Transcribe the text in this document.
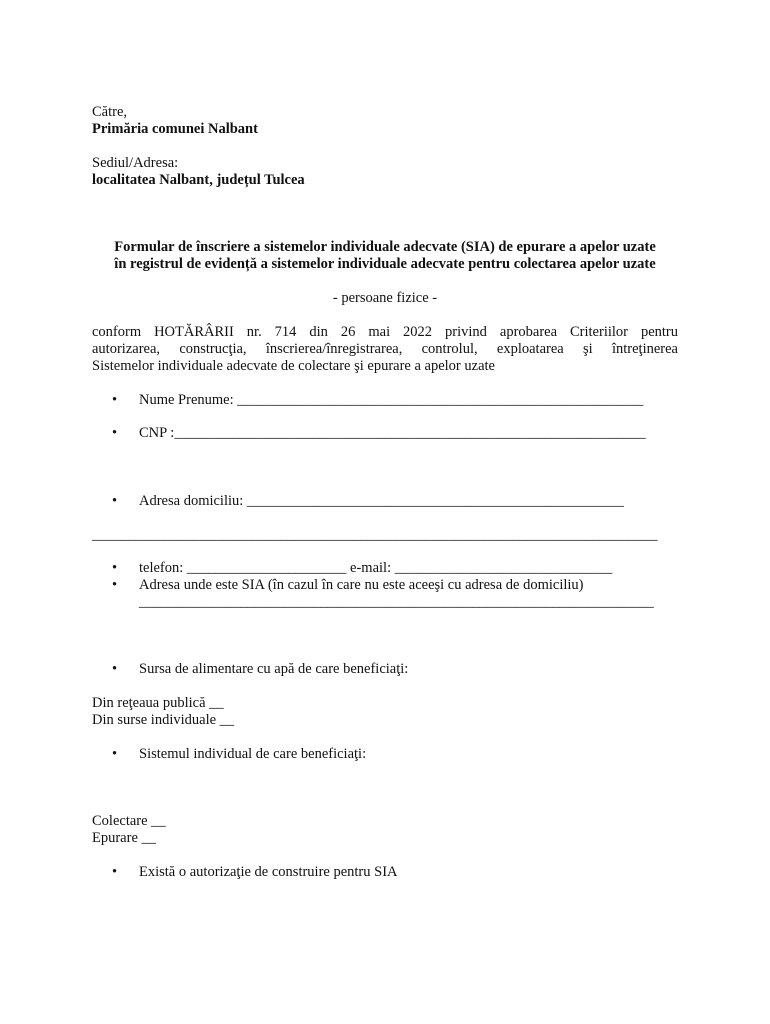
Către,
Primăria comunei Nalbant
Sediul/Adresa:
localitatea Nalbant, județul Tulcea
Formular de înscriere a sistemelor individuale adecvate (SIA) de epurare a apelor uzate
în registrul de evidență a sistemelor individuale adecvate pentru colectarea apelor uzate
- persoane fizice -
conform HOTĂRÂRII nr. 714 din 26 mai 2022 privind aprobarea Criteriilor pentru
autorizarea, construcţia, înscrierea/înregistrarea, controlul, exploatarea şi întreţinerea
Sistemelor individuale adecvate de colectare şi epurare a apelor uzate
• Nume Prenume: ________________________________________________________
• CNP :_________________________________________________________________
• Adresa domiciliu: ____________________________________________________
______________________________________________________________________________
• telefon: ______________________ e-mail: ______________________________
• Adresa unde este SIA (în cazul în care nu este aceeşi cu adresa de domiciliu)
_______________________________________________________________________
• Sursa de alimentare cu apă de care beneficiaţi:
Din reţeaua publică __
Din surse individuale __
• Sistemul individual de care beneficiaţi:
Colectare __
Epurare __
• Există o autorizaţie de construire pentru SIA
